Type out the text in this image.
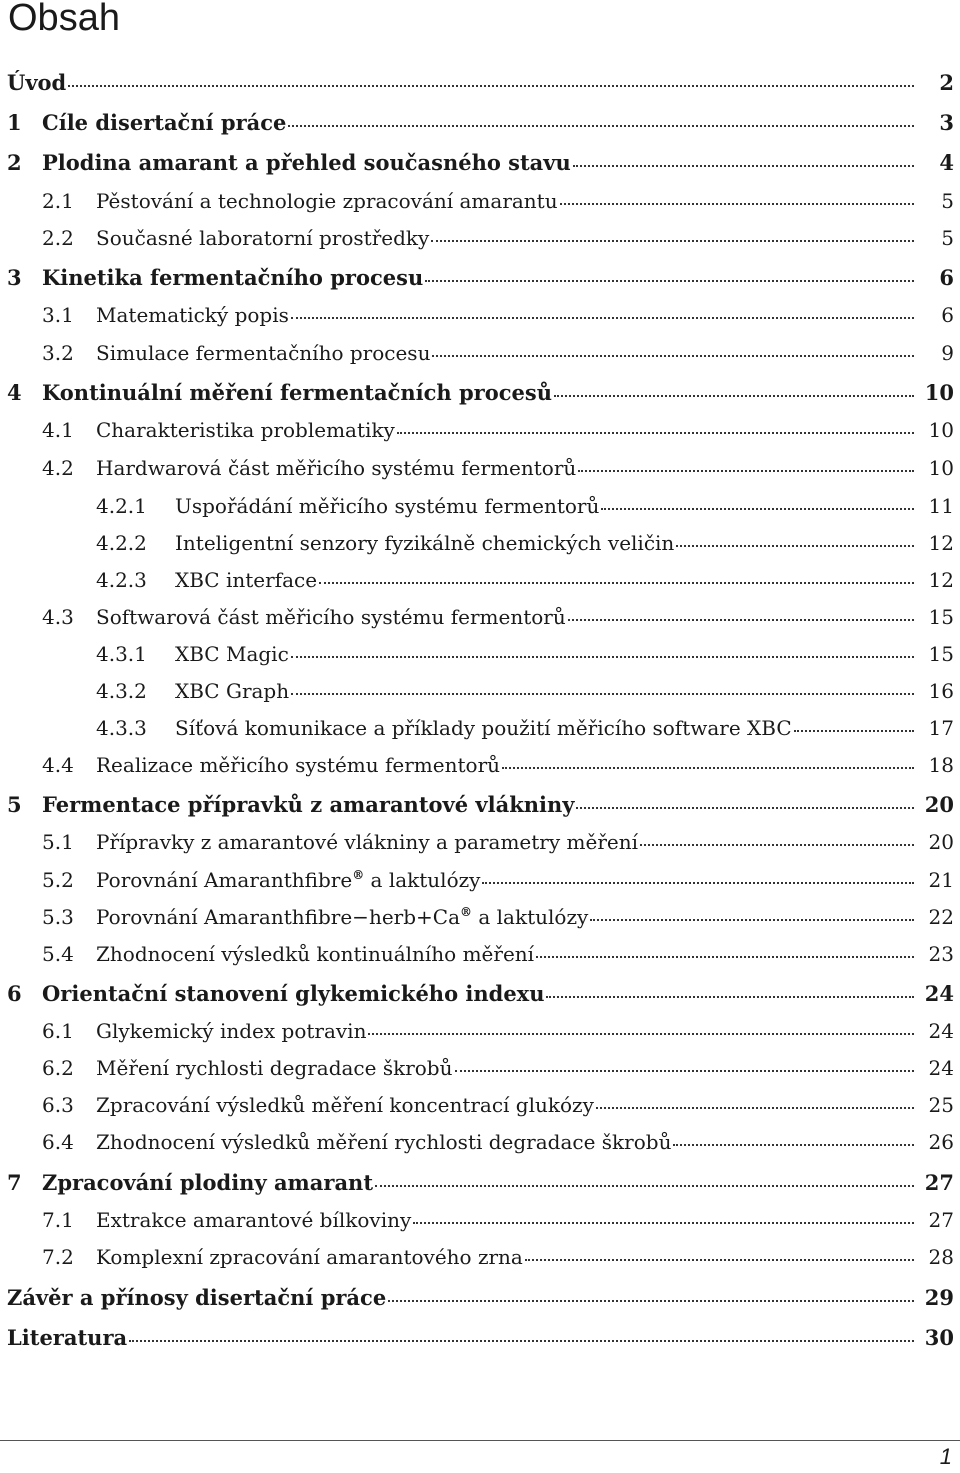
Obsah
Úvod	2
1 Cíle disertační práce	3
2 Plodina amarant a přehled současného stavu	4
2.1 Pěstování a technologie zpracování amarantu	5
2.2 Současné laboratorní prostředky	5
3 Kinetika fermentačního procesu	6
3.1 Matematický popis	6
3.2 Simulace fermentačního procesu	9
4 Kontinuální měření fermentačních procesů	10
4.1 Charakteristika problematiky	10
4.2 Hardwarová část měřicího systému fermentorů	10
4.2.1 Uspořádání měřicího systému fermentorů	11
4.2.2 Inteligentní senzory fyzikálně chemických veličin	12
4.2.3 XBC interface	12
4.3 Softwarová část měřicího systému fermentorů	15
4.3.1 XBC Magic	15
4.3.2 XBC Graph	16
4.3.3 Síťová komunikace a příklady použití měřicího software XBC	17
4.4 Realizace měřicího systému fermentorů	18
5 Fermentace přípravků z amarantové vlákniny	20
5.1 Přípravky z amarantové vlákniny a parametry měření	20
5.2 Porovnání Amaranthfibre® a laktulózy	21
5.3 Porovnání Amaranthfibre−herb+Ca® a laktulózy	22
5.4 Zhodnocení výsledků kontinuálního měření	23
6 Orientační stanovení glykemického indexu	24
6.1 Glykemický index potravin	24
6.2 Měření rychlosti degradace škrobů	24
6.3 Zpracování výsledků měření koncentrací glukózy	25
6.4 Zhodnocení výsledků měření rychlosti degradace škrobů	26
7 Zpracování plodiny amarant	27
7.1 Extrakce amarantové bílkoviny	27
7.2 Komplexní zpracování amarantového zrna	28
Závěr a přínosy disertační práce	29
Literatura	30
1
